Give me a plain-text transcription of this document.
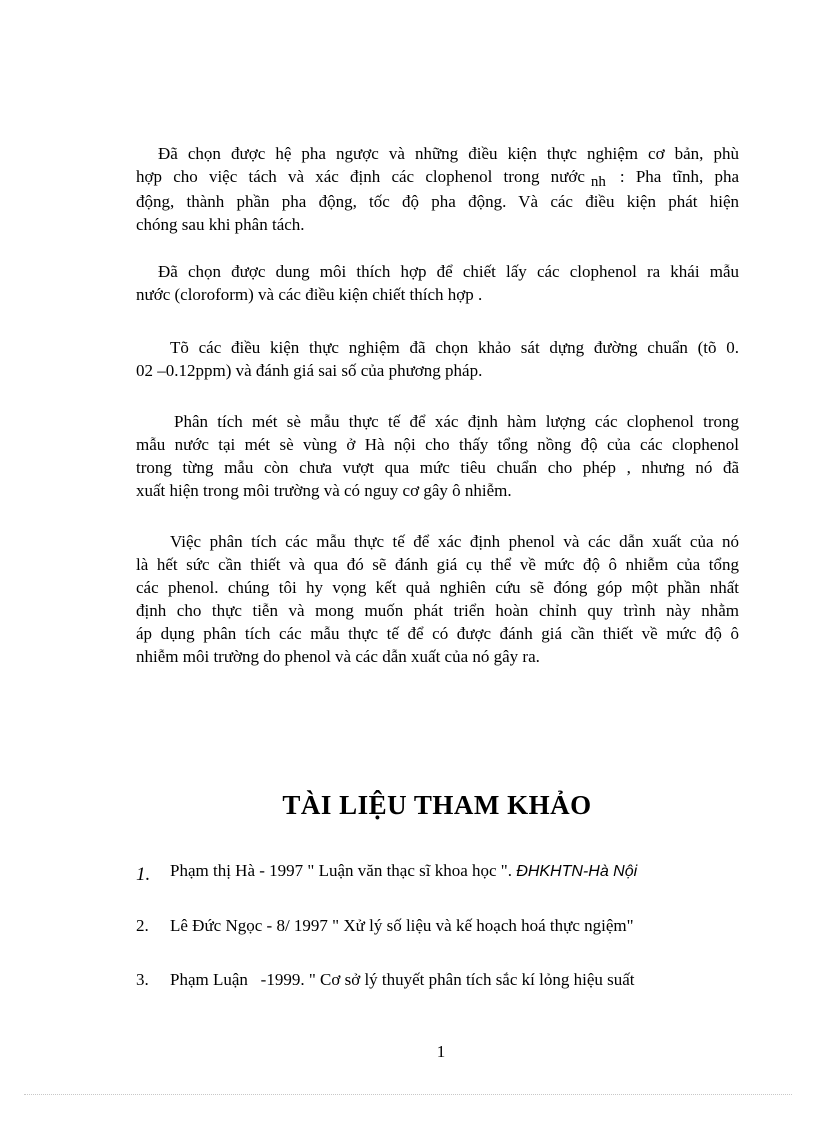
Đã chọn được hệ pha ngược và những điều kiện thực nghiệm cơ bản, phù
hợp cho việc tách và xác định các clophenol trong nước nh : Pha tĩnh, pha
động, thành phần pha động, tốc độ pha động. Và các điều kiện phát hiện
chóng sau khi phân tách.
Đã chọn được dung môi thích hợp để chiết lấy các clophenol ra khái mẫu
nước (cloroform) và các điều kiện chiết thích hợp .
Tõ các điều kiện thực nghiệm đã chọn khảo sát dựng đường chuẩn (tõ 0.
02 –0.12ppm) và đánh giá sai số của phương pháp.
Phân tích mét sè mẫu thực tế để xác định hàm lượng các clophenol trong
mẫu nước tại mét sè vùng ở Hà nội cho thấy tổng nồng độ của các clophenol
trong từng mẫu còn chưa vượt qua mức tiêu chuẩn cho phép , nhưng nó đã
xuất hiện trong môi trường và có nguy cơ gây ô nhiễm.
Việc phân tích các mẫu thực tế để xác định phenol và các dẫn xuất của nó
là hết sức cần thiết và qua đó sẽ đánh giá cụ thể về mức độ ô nhiễm của tổng
các phenol. chúng tôi hy vọng kết quả nghiên cứu sẽ đóng góp một phần nhất
định cho thực tiễn và mong muốn phát triển hoàn chỉnh quy trình này nhằm
áp dụng phân tích các mẫu thực tế để có được đánh giá cần thiết về mức độ ô
nhiễm môi trường do phenol và các dẫn xuất của nó gây ra.
TÀI LIỆU THAM KHẢO
1. Phạm thị Hà - 1997 " Luận văn thạc sĩ khoa học ". ĐHKHTN-Hà Nội
2. Lê Đức Ngọc - 8/ 1997 " Xử lý số liệu và kế hoạch hoá thực ngiệm"
3. Phạm Luận   -1999. " Cơ sở lý thuyết phân tích sắc kí lỏng hiệu suất
1
